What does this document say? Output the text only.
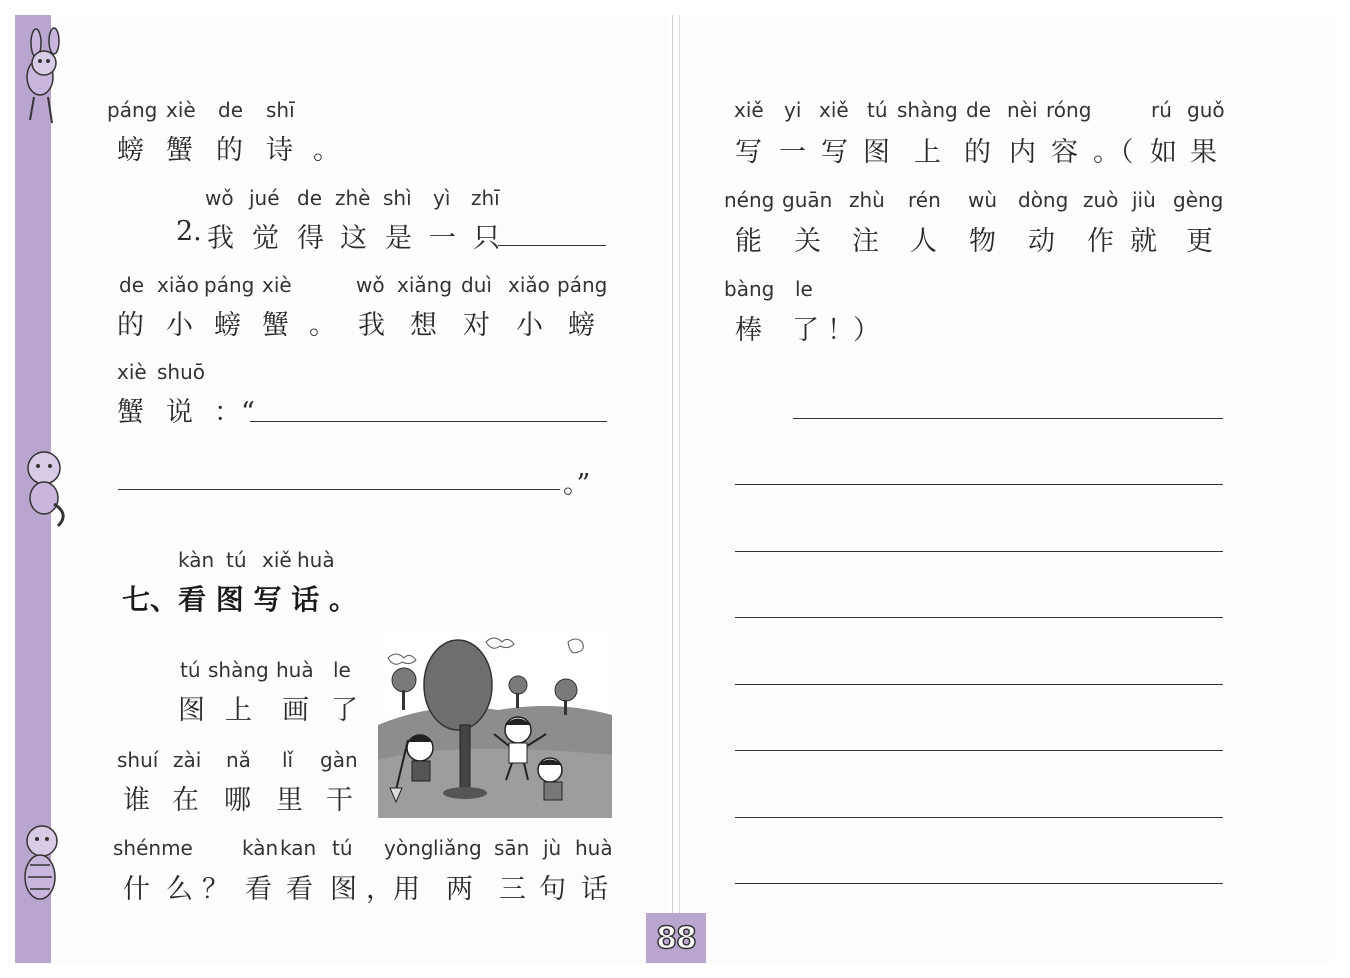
páng xiè de shī
螃 蟹 的 诗 。
wǒ jué de zhè shì yì zhī
2. 我 觉 得 这 是 一 只
de xiǎo páng xiè	wǒ xiǎng duì xiǎo páng
的 小 螃 蟹 。 我 想 对 小 螃
xiè shuō
蟹 说 ：“
。”
kàn tú xiě huà
七、看 图 写 话 。
tú shàng huà le
图 上 画 了
shuí zài nǎ lǐ gàn
谁 在 哪 里 干
shénme kàn kan tú yòng liǎng sān jù huà
什 么 ？ 看 看 图 ，用 两 三 句 话
xiě yi xiě tú shàng de nèi róng	rú guǒ
写 一 写 图 上 的 内 容 。（ 如 果
néng guān zhù rén wù dòng zuò jiù gèng
能 关 注 人 物 动 作 就 更
bàng le
棒 了 ！ ）
88
